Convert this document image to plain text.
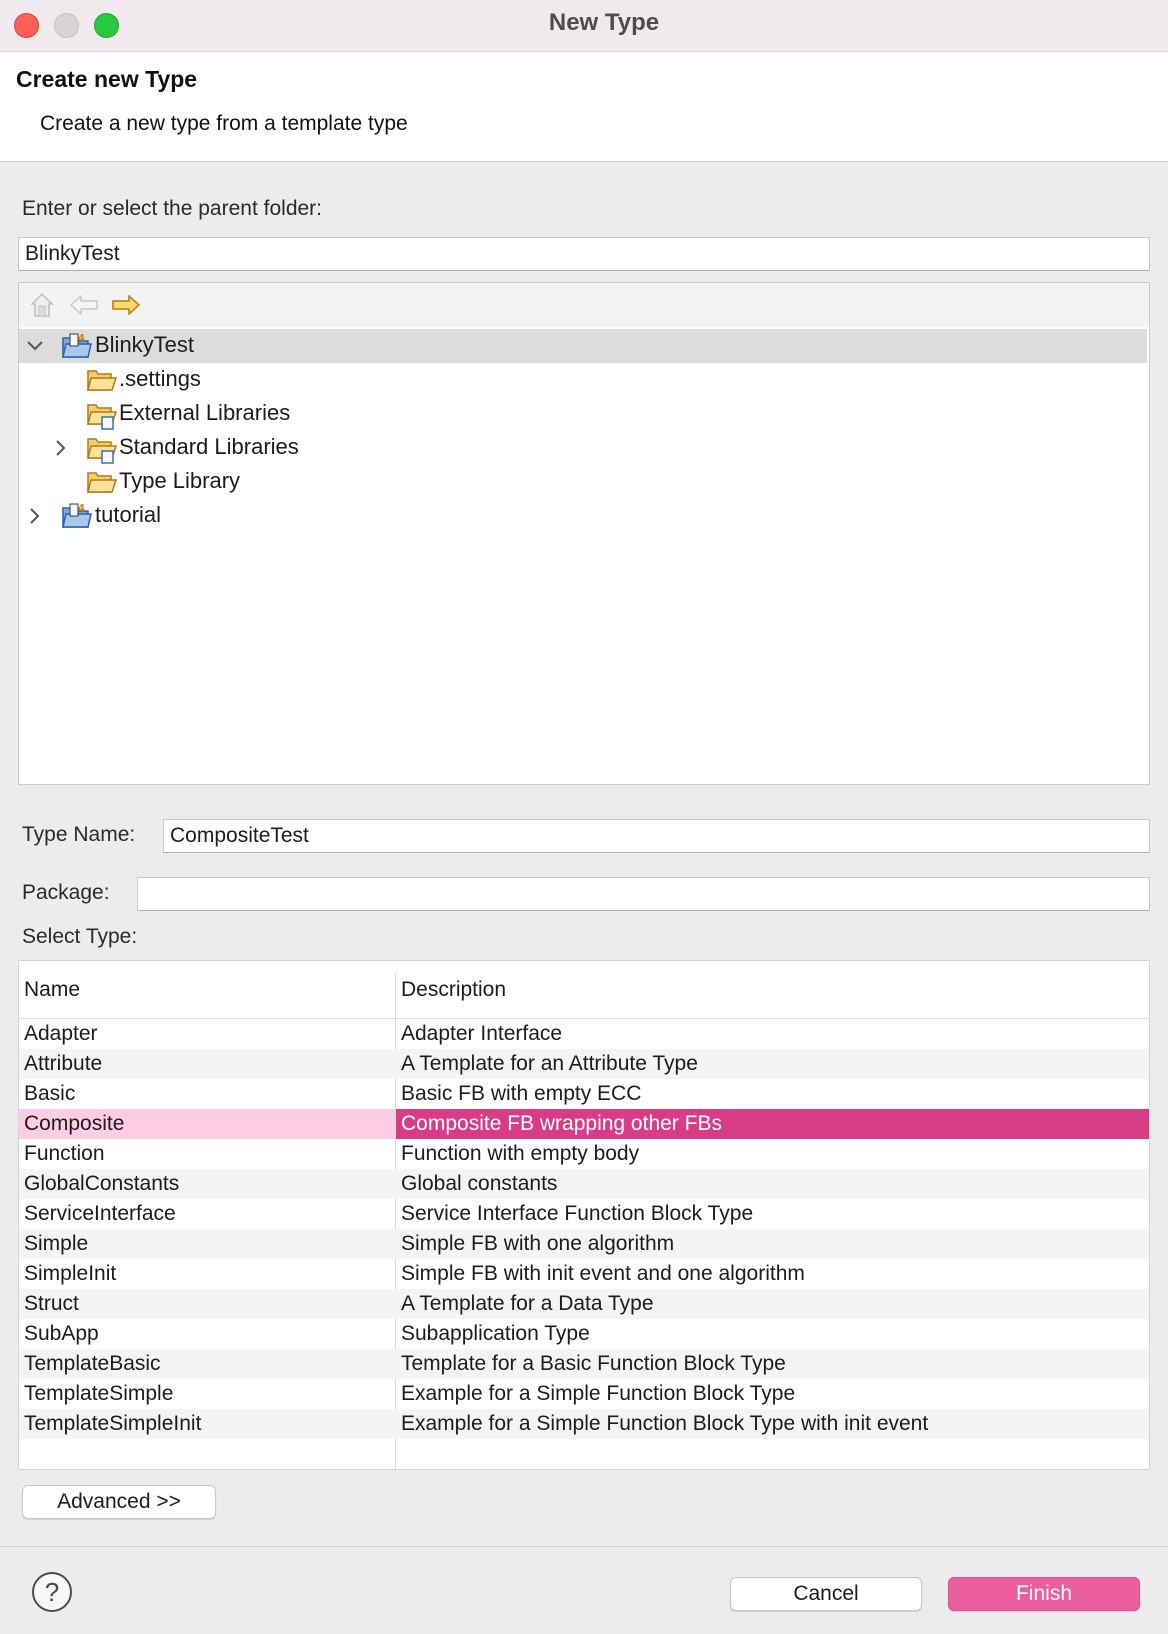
New Type
Create new Type
Create a new type from a template type
Enter or select the parent folder:
BlinkyTest
4 BlinkyTest
.settings
External Libraries
Standard Libraries
Type Library
4 tutorial
Type Name:	CompositeTest
Package:
Select Type:
Name	Description
Adapter	Adapter Interface
Attribute	A Template for an Attribute Type
Basic	Basic FB with empty ECC
Composite	Composite FB wrapping other FBs
Function	Function with empty body
GlobalConstants	Global constants
ServiceInterface	Service Interface Function Block Type
Simple	Simple FB with one algorithm
SimpleInit	Simple FB with init event and one algorithm
Struct	A Template for a Data Type
SubApp	Subapplication Type
TemplateBasic	Template for a Basic Function Block Type
TemplateSimple	Example for a Simple Function Block Type
TemplateSimpleInit	Example for a Simple Function Block Type with init event
Advanced >>
?	Cancel	Finish
